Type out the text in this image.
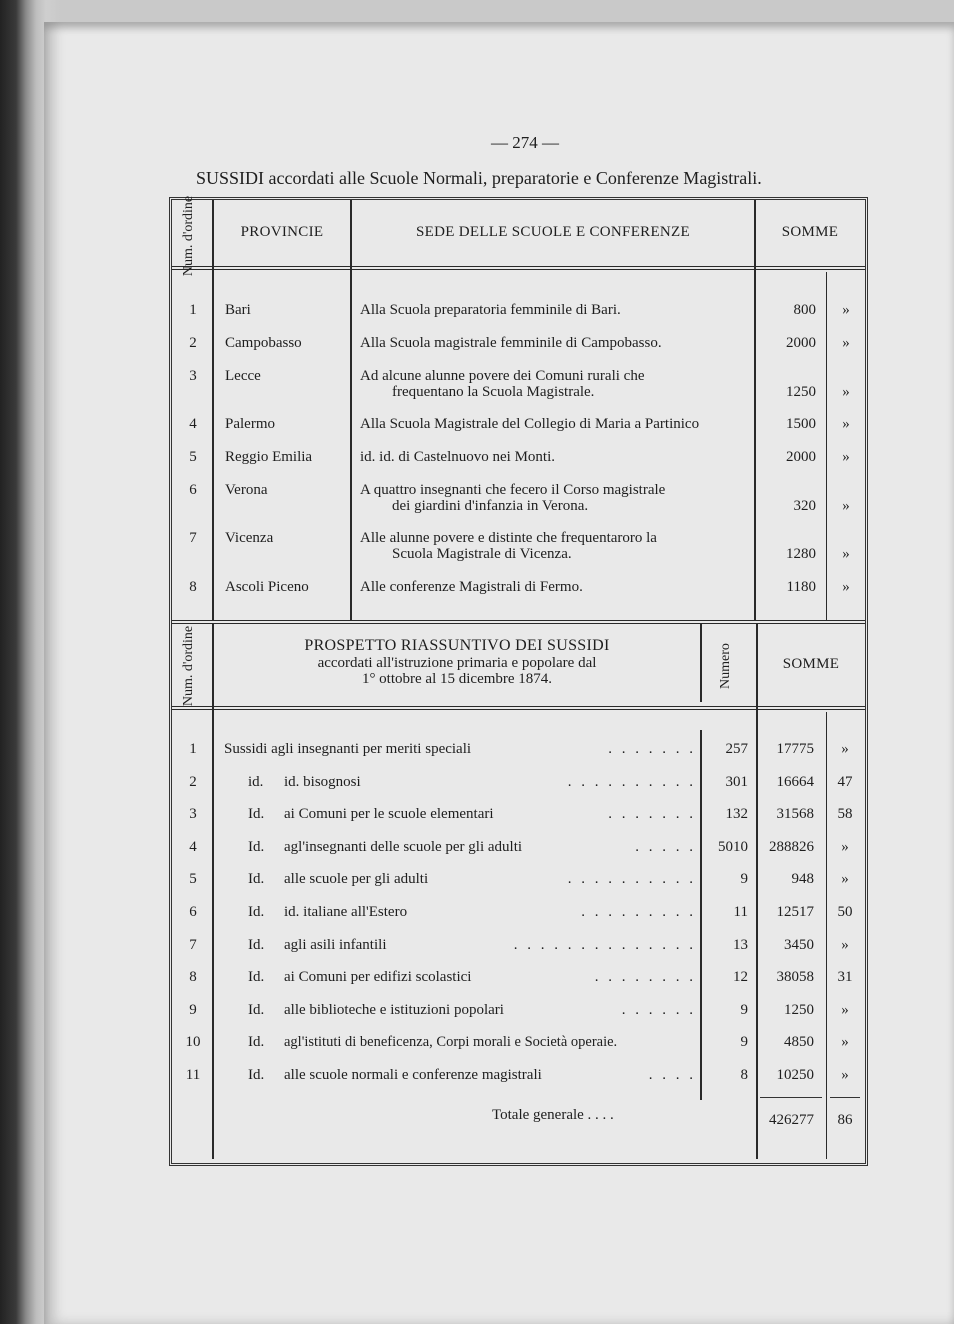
— 274 —
SUSSIDI accordati alle Scuole Normali, preparatorie e Conferenze Magistrali.
Num. d'ordine	PROVINCIE	SEDE DELLE SCUOLE E CONFERENZE	SOMME
1	Bari	Alla Scuola preparatoria femminile di Bari.	800	»
2	Campobasso	Alla Scuola magistrale femminile di Campobasso.	2000	»
3	Lecce	Ad alcune alunne povere dei Comuni rurali che
frequentano la Scuola Magistrale.	1250	»
4	Palermo	Alla Scuola Magistrale del Collegio di Maria a Partinico	1500	»
5	Reggio Emilia	id. id. di Castelnuovo nei Monti.	2000	»
6	Verona	A quattro insegnanti che fecero il Corso magistrale
dei giardini d'infanzia in Verona.	320	»
7	Vicenza	Alle alunne povere e distinte che frequentaroro la
Scuola Magistrale di Vicenza.	1280	»
8	Ascoli Piceno	Alle conferenze Magistrali di Fermo.	1180	»
Num. d'ordine	PROSPETTO RIASSUNTIVO DEI SUSSIDI
accordati all'istruzione primaria e popolare dal
1° ottobre al 15 dicembre 1874.	Numero	SOMME
1	Sussidi agli insegnanti per meriti speciali	. . . . . . .	257	17775	»
2	id. id. bisognosi	. . . . . . . . . .	301	16664	47
3	Id. ai Comuni per le scuole elementari	. . . . . . .	132	31568	58
4	Id. agl'insegnanti delle scuole per gli adulti	. . . . .	5010	288826	»
5	Id. alle scuole per gli adulti	. . . . . . . . . .	9	948	»
6	Id. id. italiane all'Estero	. . . . . . . . .	11	12517	50
7	Id. agli asili infantili	. . . . . . . . . . . . . .	13	3450	»
8	Id. ai Comuni per edifizi scolastici	. . . . . . . .	12	38058	31
9	Id. alle biblioteche e istituzioni popolari	. . . . . .	9	1250	»
10	Id. agl'istituti di beneficenza, Corpi morali e Società operaie.	9	4850	»
11	Id. alle scuole normali e conferenze magistrali	. . . .	8	10250	»
Totale generale . . . .	426277	86
